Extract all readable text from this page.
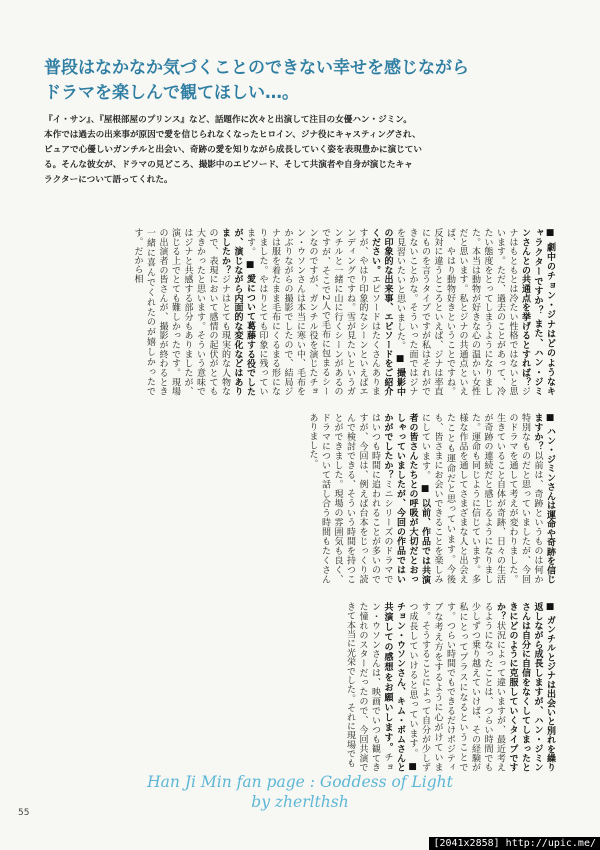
普段はなかなか気づくことのできない幸せを感じながら
ドラマを楽しんで観てほしい…。
『イ・サン』、『屋根部屋のプリンス』など、話題作に次々と出演して注目の女優ハン・ジミン。
本作では過去の出来事が原因で愛を信じられなくなったヒロイン、ジナ役にキャスティングされ、
ピュアで心優しいガンチルと出会い、奇跡の愛を知りながら成長していく姿を表現豊かに演じてい
る。そんな彼女が、ドラマの見どころ、撮影中のエピソード、そして共演者や自身が演じたキャ
ラクターについて語ってくれた。
■ 劇中のチョン・ジナはどのようなキャラクターですか？ また、ハン・ジミンさんとの共通点を挙げるとすれば？ジナはもともとは冷たい性格ではないと思います。ただ、過去のことがあって、冷たい態度をとってしまうようになりました。本当は動物が好きな心の温かい女性だと思います。私とジナの共通点といえば、やはり動物好きということですね。反対に違うところといえば、ジナは率直にものを言うタイプですが私はそれができないことかな。そういった面ではジナを見習いたいと思いました。 ■ 撮影中の印象的な出来事、エピソードをご紹介ください。エピソードはたくさんありますが、やはり印象的なシーンといえばエンディングですね。雪が見たいというガンチルと一緒に山に行くシーンがあるのですが、そこで2人で毛布に包まるシーンなのですが、ガンチル役を演じたチョン・ウソンさんは本当に寒い中、毛布をかぶりながらの撮影でしたので、結局ジナは服を着たまま毛布にくるまる形になりました。やはりとても印象に残っています。 ■ 愛について葛藤する役でしたが、演じながら内面的な変化などはありましたか？ジナはとても現実的な人物なので、表現において感情の起伏がとても大きかったと思います。そういう意味ではジナと共感する部分もありましたが、演じる上でとても難しかったです。現場の出演者の皆さんが、撮影が終わるとき一緒に喜んでくれたのが嬉しかったです。だから相
■ ハン・ジミンさんは運命や奇跡を信じますか？以前は、奇跡というものは何か特別なものだと思っていましたが、今回のドラマを通して考えが変わりました。生きていること自体が奇跡、日々の生活が奇跡の連続だと感じるようになりました。運命も同じように信じています。多様な作品を通してさまざまな人と出会えたことも運命だと思っています。今後も、皆さまにお会いできることを楽しみにしています。 ■ 以前、作品では共演者の皆さんたちとの呼吸が大切だとおっしゃっていましたが、今回の作品ではいかがでしたか？ミニシリーズのドラマではいつも時間に追われることが多いのですが、今回は、例えば台本をじっくり読んで検討できる、そういう時間を持つことができました。現場の雰囲気も良く、ドラマについて話し合う時間もたくさんありました。
■ ガンチルとジナは出会いと別れを繰り返しながら成長しますが、ハン・ジミンさんは自分に自信をなくしてしまったときにどのように克服していくタイプですか？状況によって違いますが、最近考えるようになったことは、つらい時間でも少しずつ乗り越えていけば、その経験が私にとってプラスになるということです。つらい時間でもできるだけポジティブな考え方をするように心がけています。そうすることによって自分が少しずつ成長していけると思っています。 ■ チョン・ウソンさん、キム・ボムさんと共演しての感想をお願いします。チョン・ウソンさんは、映画でいつも観てきた憧れのスターだったので、今回共演できて本当に光栄でした。それに現場でも
Han Ji Min fan page : Goddess of Light
by zherlthsh
55
[2041x2858] http://upic.me/
